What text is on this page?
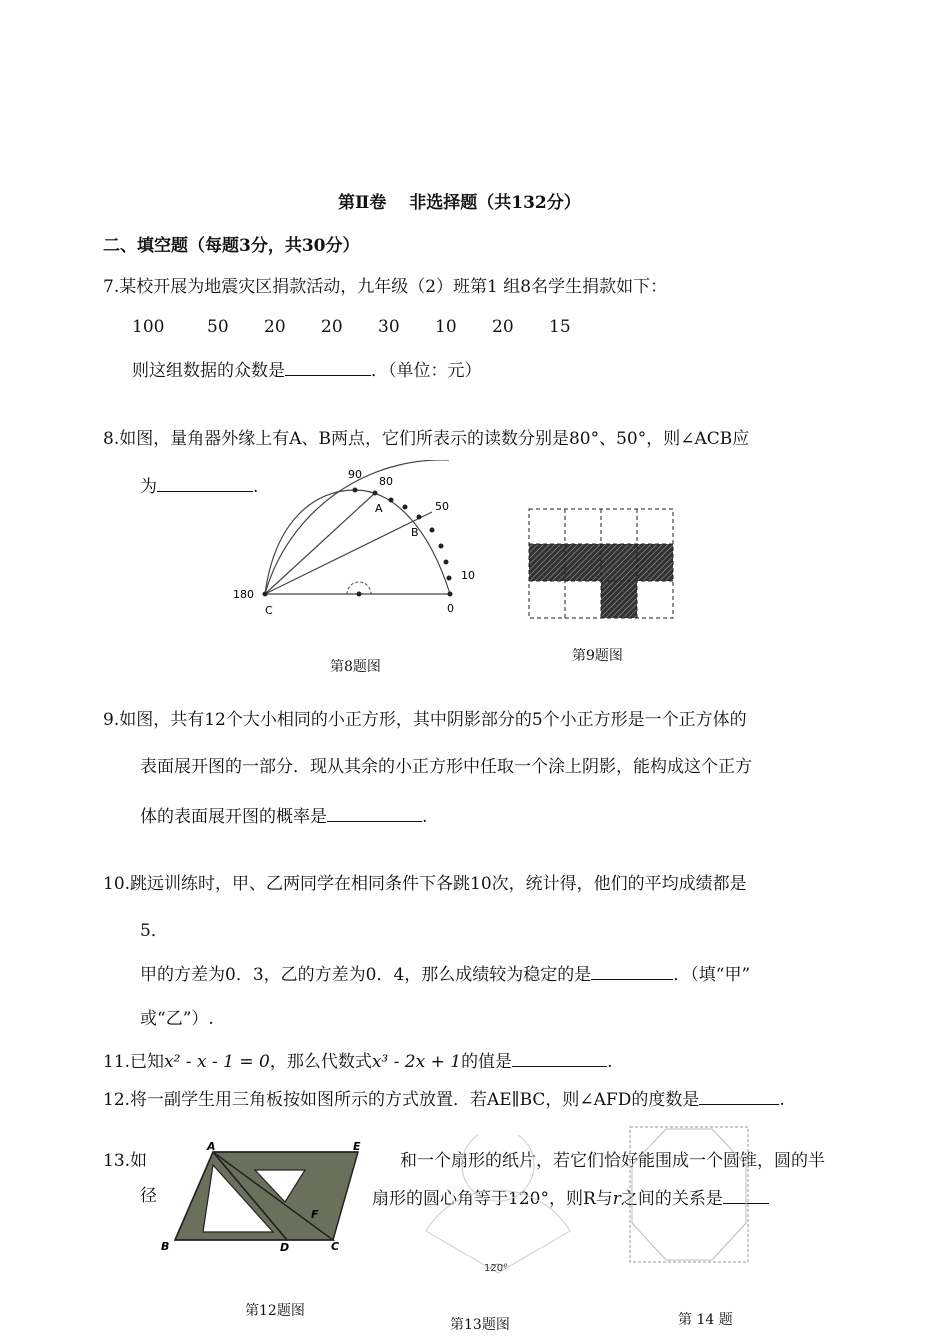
第Ⅱ卷　 非选择题（共132分）
二、填空题（每题3分，共30分）
7.某校开展为地震灾区捐款活动，九年级（2）班第1 组8名学生捐款如下：
100	50 20 20 30 10 20 15
则这组数据的众数是	．（单位：元）
8.如图，量角器外缘上有A、B两点，它们所表示的读数分别是80°、50°，则∠ACB应
为	.
90
80
50
10
180
0
A
B
C
第8题图
第9题图
9.如图，共有12个大小相同的小正方形，其中阴影部分的5个小正方形是一个正方体的
表面展开图的一部分．现从其余的小正方形中任取一个涂上阴影，能构成这个正方
体的表面展开图的概率是	.
10.跳远训练时，甲、乙两同学在相同条件下各跳10次，统计得，他们的平均成绩都是
5．
甲的方差为0．3，乙的方差为0．4，那么成绩较为稳定的是	．（填“甲”
或“乙”）.
11.已知x² - x - 1 = 0，那么代数式x³ - 2x + 1的值是	.
12.将一副学生用三角板按如图所示的方式放置．若AE∥BC，则∠AFD的度数是	.
13.如	和一个扇形的纸片，若它们恰好能围成一个圆锥，圆的半
径	扇形的圆心角等于120°，则R与r之间的关系是
A	E
B	D	C
F
第12题图
120°
第13题图	第 14 题
